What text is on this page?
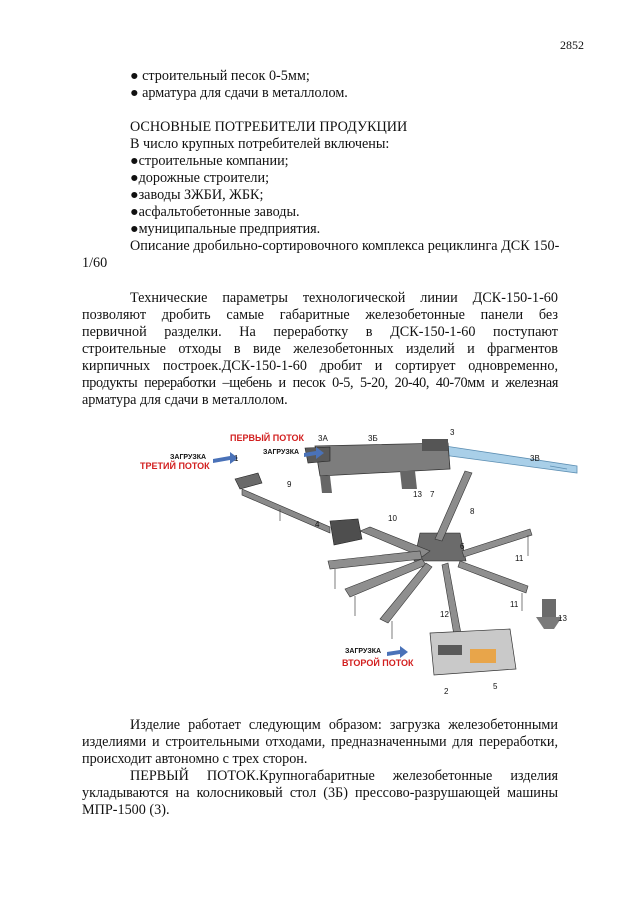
2852
● строительный песок 0-5мм;
● арматура для сдачи в металлолом.
ОСНОВНЫЕ ПОТРЕБИТЕЛИ ПРОДУКЦИИ
В число крупных потребителей включены:
●строительные компании;
●дорожные строители;
●заводы ЗЖБИ, ЖБК;
●асфальтобетонные заводы.
●муниципальные предприятия.
Описание дробильно-сортировочного комплекса рециклинга ДСК 150-
1/60
Технические параметры технологической линии ДСК-150-1-60
позволяют дробить самые габаритные железобетонные панели без
первичной разделки. На переработку в ДСК-150-1-60 поступают
строительные отходы в виде железобетонных изделий и фрагментов
кирпичных построек.ДСК-150-1-60 дробит и сортирует одновременно,
продукты переработки –щебень и песок 0-5, 5-20, 20-40, 40-70мм и железная
арматура для сдачи в металлолом.
ПЕРВЫЙ ПОТОК
ВТОРОЙ ПОТОК
ТРЕТИЙ ПОТОК
ЗАГРУЗКА
ЗАГРУЗКА
ЗАГРУЗКА
1
2
3
3А	3Б
3В
4
5
6
7
8
9
10
11
11
12
13
13
Изделие работает следующим образом: загрузка железобетонными
изделиями и строительными отходами, предназначенными для переработки,
происходит автономно с трех сторон.
ПЕРВЫЙ ПОТОК.Крупногабаритные железобетонные изделия
укладываются на колосниковый стол (3Б) прессово-разрушающей машины
МПР-1500 (3).
